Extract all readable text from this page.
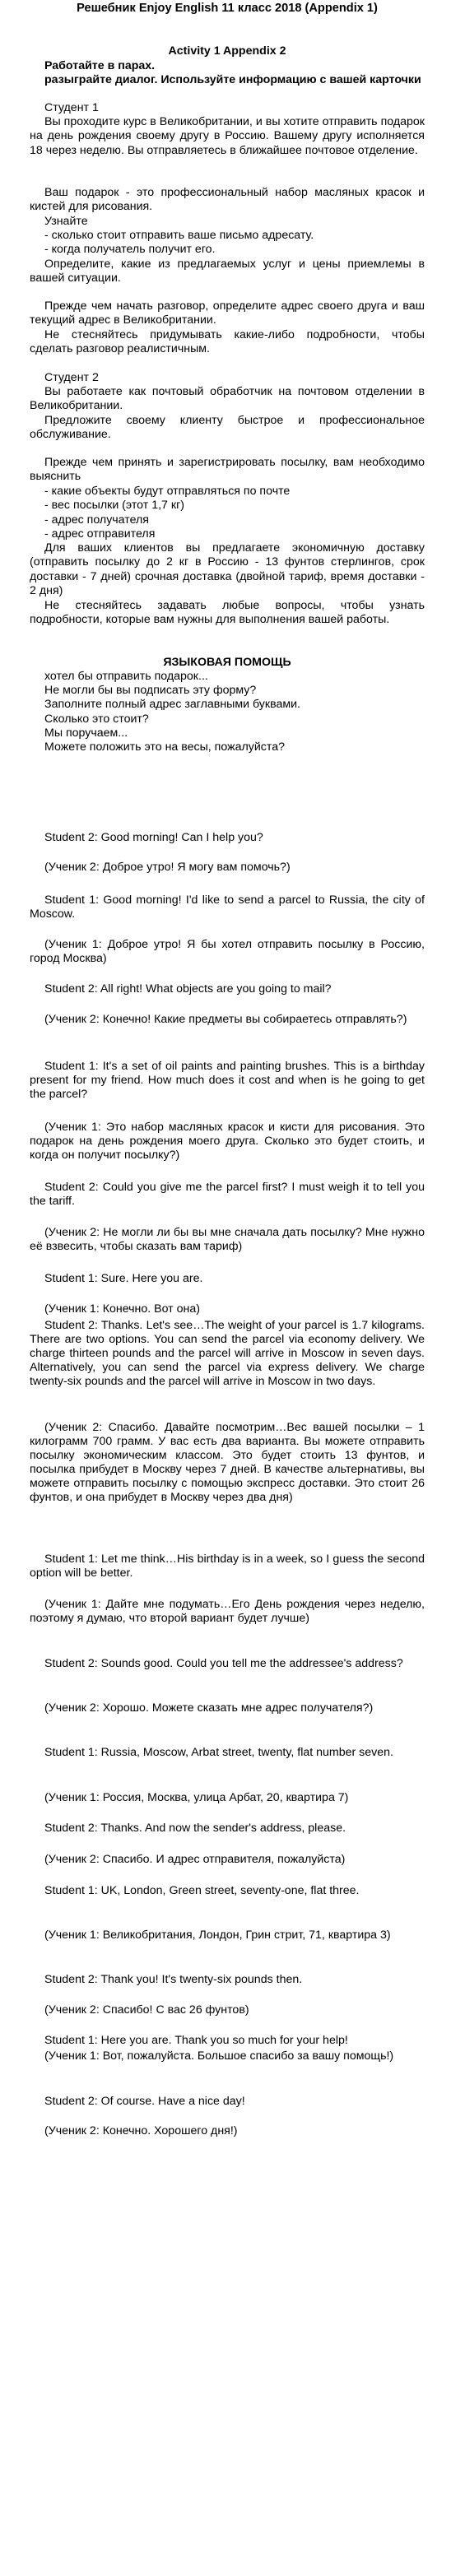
Решебник Enjoy English 11 класс 2018 (Appendix 1)
Activity 1 Appendix 2
Работайте в парах.
разыграйте диалог. Используйте информацию с вашей карточки
Студент 1
Вы проходите курс в Великобритании, и вы хотите отправить подарок на день рождения своему другу в Россию. Вашему другу исполняется 18 через неделю. Вы отправляетесь в ближайшее почтовое отделение.
Ваш подарок - это профессиональный набор масляных красок и кистей для рисования.
Узнайте
- сколько стоит отправить ваше письмо адресату.
- когда получатель получит его.
Определите, какие из предлагаемых услуг и цены приемлемы в вашей ситуации.
Прежде чем начать разговор, определите адрес своего друга и ваш текущий адрес в Великобритании.
Не стесняйтесь придумывать какие-либо подробности, чтобы сделать разговор реалистичным.
Студент 2
Вы работаете как почтовый обработчик на почтовом отделении в Великобритании.
Предложите своему клиенту быстрое и профессиональное обслуживание.
Прежде чем принять и зарегистрировать посылку, вам необходимо выяснить
- какие объекты будут отправляться по почте
- вес посылки (этот 1,7 кг)
- адрес получателя
- адрес отправителя
Для ваших клиентов вы предлагаете экономичную доставку (отправить посылку до 2 кг в Россию - 13 фунтов стерлингов, срок доставки - 7 дней) срочная доставка (двойной тариф, время доставки - 2 дня)
Не стесняйтесь задавать любые вопросы, чтобы узнать подробности, которые вам нужны для выполнения вашей работы.
ЯЗЫКОВАЯ ПОМОЩЬ
хотел бы отправить подарок...
Не могли бы вы подписать эту форму?
Заполните полный адрес заглавными буквами.
Сколько это стоит?
Мы поручаем...
Можете положить это на весы, пожалуйста?
Student 2: Good morning! Can I help you?
(Ученик 2: Доброе утро! Я могу вам помочь?)
Student 1: Good morning! I'd like to send a parcel to Russia, the city of Moscow.
(Ученик 1: Доброе утро! Я бы хотел отправить посылку в Россию, город Москва)
Student 2: All right! What objects are you going to mail?
(Ученик 2: Конечно! Какие предметы вы собираетесь отправлять?)
Student 1: It's a set of oil paints and painting brushes. This is a birthday present for my friend. How much does it cost and when is he going to get the parcel?
(Ученик 1: Это набор масляных красок и кисти для рисования. Это подарок на день рождения моего друга. Сколько это будет стоить, и когда он получит посылку?)
Student 2: Could you give me the parcel first? I must weigh it to tell you the tariff.
(Ученик 2: Не могли ли бы вы мне сначала дать посылку? Мне нужно её взвесить, чтобы сказать вам тариф)
Student 1: Sure. Here you are.
(Ученик 1: Конечно. Вот она)
Student 2: Thanks. Let's see…The weight of your parcel is 1.7 kilograms. There are two options. You can send the parcel via economy delivery. We charge thirteen pounds and the parcel will arrive in Moscow in seven days. Alternatively, you can send the parcel via express delivery. We charge twenty-six pounds and the parcel will arrive in Moscow in two days.
(Ученик 2: Спасибо. Давайте посмотрим…Вес вашей посылки – 1 килограмм 700 грамм. У вас есть два варианта. Вы можете отправить посылку экономическим классом. Это будет стоить 13 фунтов, и посылка прибудет в Москву через 7 дней. В качестве альтернативы, вы можете отправить посылку с помощью экспресс доставки. Это стоит 26 фунтов, и она прибудет в Москву через два дня)
Student 1: Let me think…His birthday is in a week, so I guess the second option will be better.
(Ученик 1: Дайте мне подумать…Его День рождения через неделю, поэтому я думаю, что второй вариант будет лучше)
Student 2: Sounds good. Could you tell me the addressee's address?
(Ученик 2: Хорошо. Можете сказать мне адрес получателя?)
Student 1: Russia, Moscow, Arbat street, twenty, flat number seven.
(Ученик 1: Россия, Москва, улица Арбат, 20, квартира 7)
Student 2: Thanks. And now the sender's address, please.
(Ученик 2: Спасибо. И адрес отправителя, пожалуйста)
Student 1: UK, London, Green street, seventy-one, flat three.
(Ученик 1: Великобритания, Лондон, Грин стрит, 71, квартира 3)
Student 2: Thank you! It's twenty-six pounds then.
(Ученик 2: Спасибо! С вас 26 фунтов)
Student 1: Here you are. Thank you so much for your help!
(Ученик 1: Вот, пожалуйста. Большое спасибо за вашу помощь!)
Student 2: Of course. Have a nice day!
(Ученик 2: Конечно. Хорошего дня!)
